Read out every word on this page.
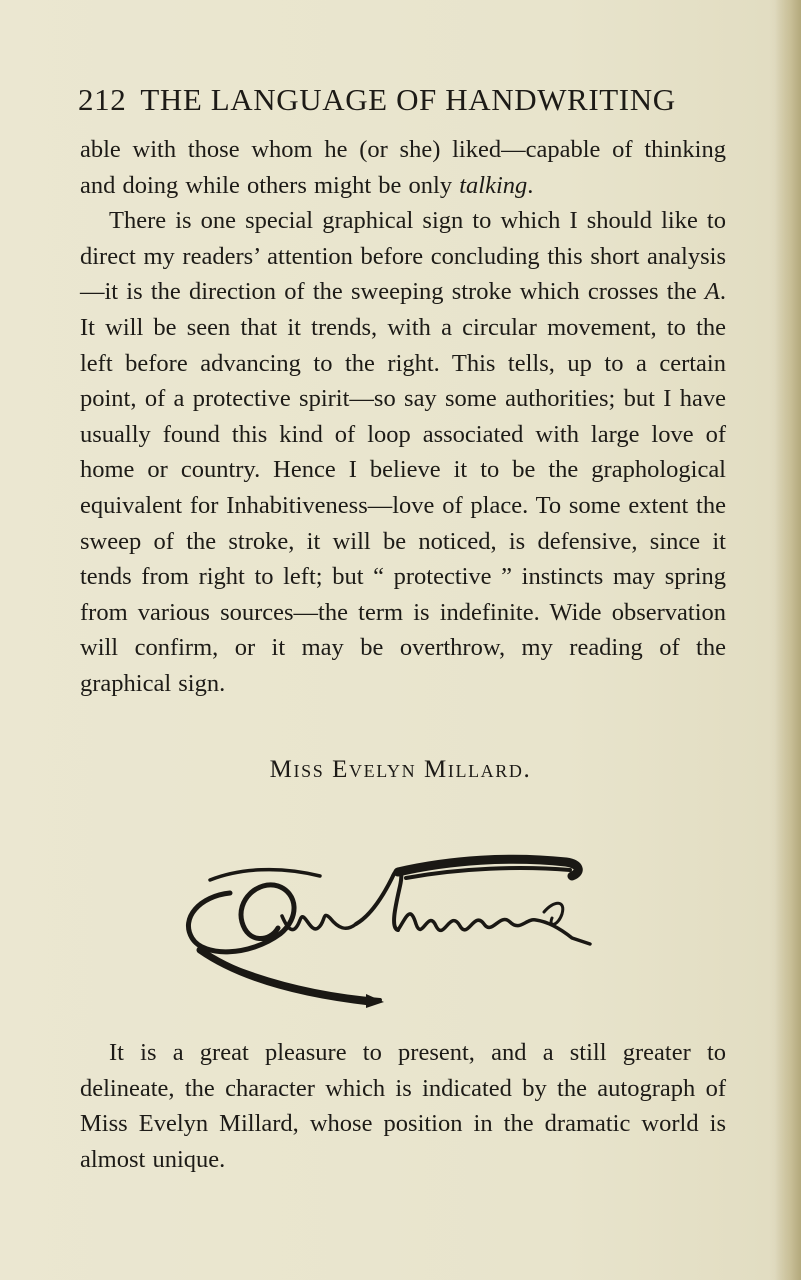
212 THE LANGUAGE OF HANDWRITING

able with those whom he (or she) liked—capable of thinking and doing while others might be only talking.

There is one special graphical sign to which I should like to direct my readers’ attention before concluding this short analysis—it is the direction of the sweeping stroke which crosses the A. It will be seen that it trends, with a circular movement, to the left before advancing to the right. This tells, up to a certain point, of a protective spirit—so say some authorities; but I have usually found this kind of loop associated with large love of home or country. Hence I believe it to be the graphological equivalent for Inhabitiveness—love of place. To some extent the sweep of the stroke, it will be noticed, is defensive, since it tends from right to left; but “ protective ” instincts may spring from various sources—the term is indefinite. Wide observation will confirm, or it may be overthrow, my reading of the graphical sign.

Miss Evelyn Millard.

It is a great pleasure to present, and a still greater to delineate, the character which is indicated by the autograph of Miss Evelyn Millard, whose position in the dramatic world is almost unique.
